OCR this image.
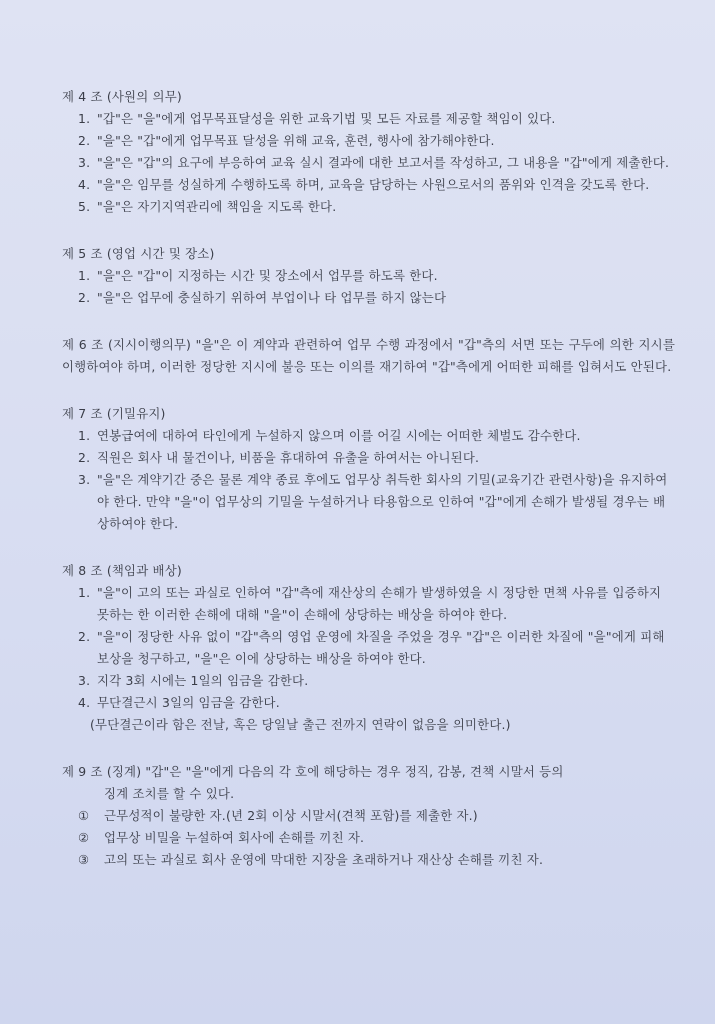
제 4 조 (사원의 의무)

1. "갑"은 "을"에게 업무목표달성을 위한 교육기법 및 모든 자료를 제공할 책임이 있다.
2. "을"은 "갑"에게 업무목표 달성을 위해 교육, 훈련, 행사에 참가해야한다.
3. "을"은 "갑"의 요구에 부응하여 교육 실시 결과에 대한 보고서를 작성하고, 그 내용을 "갑"에게 제출한다.
4. "을"은 임무를 성실하게 수행하도록 하며, 교육을 담당하는 사원으로서의 품위와 인격을 갖도록 한다.
5. "을"은 자기지역관리에 책임을 지도록 한다.

제 5 조 (영업 시간 및 장소)

1. "을"은 "갑"이 지정하는 시간 및 장소에서 업무를 하도록 한다.
2. "을"은 업무에 충실하기 위하여 부업이나 타 업무를 하지 않는다

제 6 조 (지시이행의무) "을"은 이 계약과 관련하여 업무 수행 과정에서 "갑"측의 서면 또는 구두에 의한 지시를 이행하여야 하며, 이러한 정당한 지시에 불응 또는 이의를 재기하여 "갑"측에게 어떠한 피해를 입혀서도 안된다.

제 7 조 (기밀유지)

1. 연봉급여에 대하여 타인에게 누설하지 않으며 이를 어길 시에는 어떠한 체벌도 감수한다.
2. 직원은 회사 내 물건이나, 비품을 휴대하여 유출을 하여서는 아니된다.
3. "을"은 계약기간 중은 물론 계약 종료 후에도 업무상 취득한 회사의 기밀(교육기간 관련사항)을 유지하여야 한다. 만약 "을"이 업무상의 기밀을 누설하거나 타용함으로 인하여 "갑"에게 손해가 발생될 경우는 배상하여야 한다.

제 8 조 (책임과 배상)

1. "을"이 고의 또는 과실로 인하여 "갑"측에 재산상의 손해가 발생하였을 시 정당한 면책 사유를 입증하지 못하는 한 이러한 손해에 대해 "을"이 손해에 상당하는 배상을 하여야 한다.
2. "을"이 정당한 사유 없이 "갑"측의 영업 운영에 차질을 주었을 경우 "갑"은 이러한 차질에 "을"에게 피해 보상을 청구하고, "을"은 이에 상당하는 배상을 하여야 한다.
3. 지각 3회 시에는 1일의 임금을 감한다.
4. 무단결근시 3일의 임금을 감한다.

(무단결근이라 함은 전날, 혹은 당일날 출근 전까지 연락이 없음을 의미한다.)

제 9 조 (징계) "갑"은 "을"에게 다음의 각 호에 해당하는 경우 정직, 감봉, 견책 시말서 등의

징계 조치를 할 수 있다.

① 근무성적이 불량한 자.(년 2회 이상 시말서(견책 포함)를 제출한 자.)
② 업무상 비밀을 누설하여 회사에 손해를 끼친 자.
③ 고의 또는 과실로 회사 운영에 막대한 지장을 초래하거나 재산상 손해를 끼친 자.
